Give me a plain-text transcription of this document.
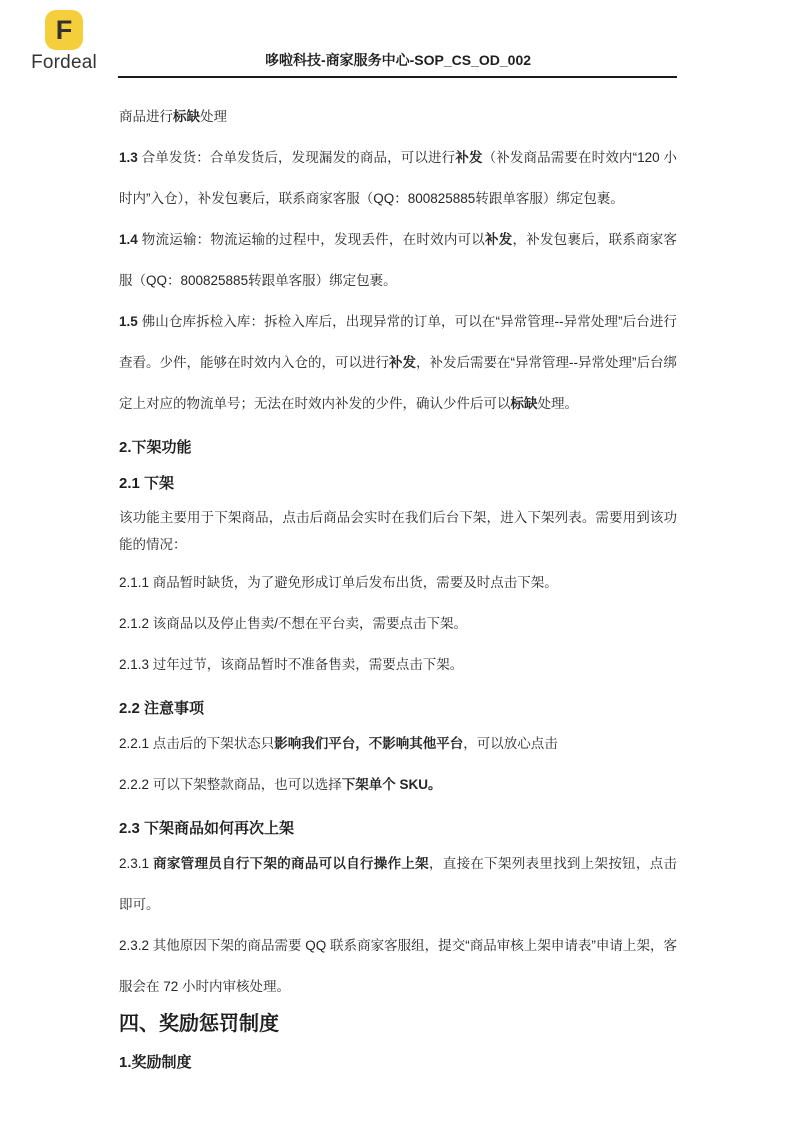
F
Fordeal	哆啦科技-商家服务中心-SOP_CS_OD_002
商品进行标缺处理
1.3 合单发货：合单发货后，发现漏发的商品，可以进行补发（补发商品需要在时效内“120 小时内”入仓），补发包裹后，联系商家客服（QQ：800825885转跟单客服）绑定包裹。
1.4 物流运输：物流运输的过程中，发现丢件，在时效内可以补发，补发包裹后，联系商家客服（QQ：800825885转跟单客服）绑定包裹。
1.5 佛山仓库拆检入库：拆检入库后，出现异常的订单，可以在“异常管理--异常处理”后台进行查看。少件，能够在时效内入仓的，可以进行补发，补发后需要在“异常管理--异常处理”后台绑定上对应的物流单号；无法在时效内补发的少件，确认少件后可以标缺处理。
2.下架功能
2.1 下架
该功能主要用于下架商品，点击后商品会实时在我们后台下架，进入下架列表。需要用到该功能的情况：
2.1.1 商品暂时缺货，为了避免形成订单后发布出货，需要及时点击下架。
2.1.2 该商品以及停止售卖/不想在平台卖，需要点击下架。
2.1.3 过年过节，该商品暂时不准备售卖，需要点击下架。
2.2 注意事项
2.2.1 点击后的下架状态只影响我们平台，不影响其他平台，可以放心点击
2.2.2 可以下架整款商品，也可以选择下架单个 SKU。
2.3 下架商品如何再次上架
2.3.1 商家管理员自行下架的商品可以自行操作上架，直接在下架列表里找到上架按钮，点击即可。
2.3.2 其他原因下架的商品需要 QQ 联系商家客服组，提交“商品审核上架申请表”申请上架，客服会在 72 小时内审核处理。
四、奖励惩罚制度
1.奖励制度
